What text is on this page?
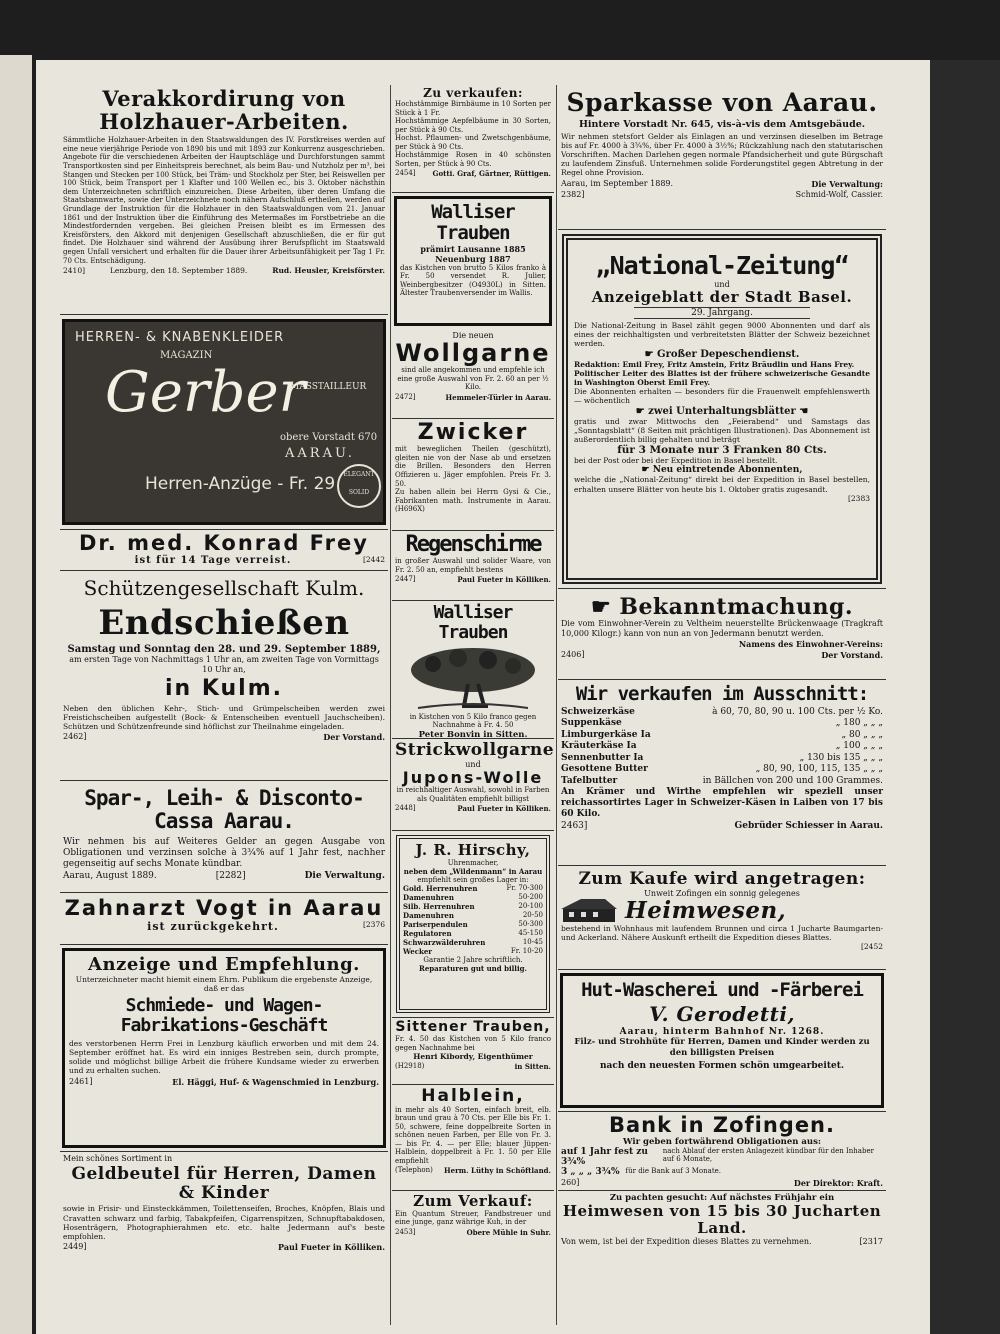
Verakkordirung von Holzhauer-Arbeiten.

Sämmtliche Holzhauer-Arbeiten in den Staatswaldungen des IV. Forstkreises werden auf eine neue vierjährige Periode von 1890 bis und mit 1893 zur Konkurrenz ausgeschrieben. Angebote für die verschiedenen Arbeiten der Hauptschläge und Durchforstungen sammt Transportkosten sind per Einheitspreis berechnet, als beim Bau- und Nutzholz per m³, bei Stangen und Stecken per 100 Stück, bei Träm- und Stockholz per Ster, bei Reiswellen per 100 Stück, beim Transport per 1 Klafter und 100 Wellen ec., bis 3. Oktober nächsthin dem Unterzeichneten schriftlich einzureichen. Diese Arbeiten, über deren Umfang die Staatsbannwarte, sowie der Unterzeichnete noch nähern Aufschluß ertheilen, werden auf Grundlage der Instruktion für die Holzhauer in den Staatswaldungen vom 21. Januar 1861 und der Instruktion über die Einführung des Metermaßes im Forstbetriebe an die Mindestfordernden vergeben. Bei gleichen Preisen bleibt es im Ermessen des Kreisförsters, den Akkord mit denjenigen Gesellschaft abzuschließen, die er für gut findet. Die Holzhauer sind während der Ausübung ihrer Berufspflicht im Staatswald gegen Unfall versichert und erhalten für die Dauer ihrer Arbeitsunfähigkeit per Tag 1 Fr. 70 Cts. Entschädigung.

2410]	Lenzburg, den 18. September 1889.	Rud. Heusler, Kreisförster.
HERREN- & KNABENKLEIDER
MAGAZIN
Gerber
MASSTAILLEUR
obere Vorstadt 670
AARAU.
Herren-Anzüge - Fr. 29	ELEGANT SOLID
Dr. med. Konrad Frey
ist für 14 Tage verreist.	[2442
Schützengesellschaft Kulm.
Endschießen
Samstag und Sonntag den 28. und 29. September 1889,
am ersten Tage von Nachmittags 1 Uhr an, am zweiten Tage von Vormittags 10 Uhr an,
in Kulm.

Neben den üblichen Kehr-, Stich- und Grümpelscheiben werden zwei Freistichscheiben aufgestellt (Bock- & Entenscheiben eventuell Jauchscheiben). Schützen und Schützenfreunde sind höflichst zur Theilnahme eingeladen.

2462]	Der Vorstand.
Spar-, Leih- & Disconto-Cassa Aarau.

Wir nehmen bis auf Weiteres Gelder an gegen Ausgabe von Obligationen und verzinsen solche à 3¾% auf 1 Jahr fest, nachher gegenseitig auf sechs Monate kündbar.

Aarau, August 1889.	[2282]	Die Verwaltung.
Zahnarzt Vogt in Aarau
ist zurückgekehrt.	[2376
Anzeige und Empfehlung.

Unterzeichneter macht hiemit einem Ehrn. Publikum die ergebenste Anzeige, daß er das

Schmiede- und Wagen-Fabrikations-Geschäft

des verstorbenen Herrn Frei in Lenzburg käuflich erworben und mit dem 24. September eröffnet hat. Es wird ein inniges Bestreben sein, durch prompte, solide und möglichst billige Arbeit die frühere Kundsame wieder zu erwerben und zu erhalten suchen.

2461]	El. Häggi, Huf- & Wagenschmied in Lenzburg.
Mein schönes Sortiment in
Geldbeutel für Herren, Damen & Kinder

sowie in Frisir- und Einsteckkämmen, Toilettenseifen, Broches, Knöpfen, Blais und Cravatten schwarz und farbig, Tabakpfeifen, Cigarrenspitzen, Schnupftabakdosen, Hosenträgern, Photographierahmen etc. etc. halte Jedermann auf's beste empfohlen.

2449]	Paul Fueter in Kölliken.
Zu verkaufen:

Hochstämmige Birnbäume in 10 Sorten per Stück à 1 Fr.

Hochstämmige Aepfelbäume in 30 Sorten, per Stück à 90 Cts.

Hochst. Pflaumen- und Zwetschgenbäume, per Stück à 90 Cts.

Hochstämmige Rosen in 40 schönsten Sorten, per Stück à 90 Cts.

2454] Gotti. Graf, Gärtner, Rüttigen.
Walliser Trauben
prämirt Lausanne 1885
Neuenburg 1887

das Kistchen von brutto 5 Kilos franko à Fr. 50 versendet R. Julier, Weinbergbesitzer (O4930L) in Sitten. Ältester Traubenversender im Wallis.

Die neuen
Wollgarne

sind alle angekommen und empfehle ich eine große Auswahl von Fr. 2. 60 an per ½ Kilo.

2472]	Hemmeler-Türler in Aarau.
Zwicker

mit beweglichen Theilen (geschützt), gleiten nie von der Nase ab und ersetzen die Brillen. Besonders den Herren Offizieren u. Jäger empfohlen. Preis Fr. 3. 50.

Zu haben allein bei Herrn Gysi & Cie., Fabrikanten math. Instrumente in Aarau. (H696X)

Regenschirme

in großer Auswahl und solider Waare, von Fr. 2. 50 an, empfiehlt bestens

2447]	Paul Fueter in Kölliken.
Walliser Trauben

in Kistchen von 5 Kilo franco gegen Nachnahme à Fr. 4. 50

Peter Bonvin in Sitten.
Strickwollgarne
und
Jupons-Wolle

in reichhaltiger Auswahl, sowohl in Farben als Qualitäten empfiehlt billigst

2448]	Paul Fueter in Kölliken.
J. R. Hirschy,
Uhrenmacher,
neben dem „Wildenmann“ in Aarau
empfiehlt sein großes Lager in:
Gold. Herrenuhren	Fr. 70-300
Damenuhren	50-200
Silb. Herrenuhren	20-100
Damenuhren	20-50
Pariserpendulen	50-300
Regulatoren	45-150
Schwarzwälderuhren	10-45
Wecker	Fr. 10-20
Garantie 2 Jahre schriftlich.
Reparaturen gut und billig.
Sittener Trauben,

Fr. 4. 50 das Kistchen von 5 Kilo franco gegen Nachnahme bei

Henri Kibordy, Eigenthümer
(H2918)	in Sitten.
Halblein,

in mehr als 40 Sorten, einfach breit, elb. braun und grau à 70 Cts. per Elle bis Fr. 1. 50, schwere, feine doppelbreite Sorten in schönen neuen Farben, per Elle von Fr. 3. — bis Fr. 4. — per Elle; blauer Jüppen-Halblein, doppelbreit à Fr. 1. 50 per Elle empfiehlt

(Telephon) Herm. Lüthy in Schöftland.
Zum Verkauf:

Ein Quantum Streuer, Fandbstreuer und eine junge, ganz währige Kuh, in der

2453]	Obere Mühle in Suhr.
Sparkasse von Aarau.
Hintere Vorstadt Nr. 645, vis-à-vis dem Amtsgebäude.

Wir nehmen stetsfort Gelder als Einlagen an und verzinsen dieselben im Betrage bis auf Fr. 4000 à 3¾%, über Fr. 4000 à 3½%; Rückzahlung nach den statutarischen Vorschriften. Machen Darlehen gegen normale Pfandsicherheit und gute Bürgschaft zu laufendem Zinsfuß. Unternehmen solide Forderungstitel gegen Abtretung in der Regel ohne Provision.

Aarau, im September 1889.	Die Verwaltung:
2382]	Schmid-Wolf, Cassier.
„National-Zeitung“
und
Anzeigeblatt der Stadt Basel.
29. Jahrgang.

Die National-Zeitung in Basel zählt gegen 9000 Abonnenten und darf als eines der reichhaltigsten und verbreitetsten Blätter der Schweiz bezeichnet werden.

☛ Großer Depeschendienst.

Redaktion: Emil Frey, Fritz Amstein, Fritz Bräudlin und Hans Frey.

Politischer Leiter des Blattes ist der frühere schweizerische Gesandte in Washington Oberst Emil Frey.

Die Abonnenten erhalten — besonders für die Frauenwelt empfehlenswerth — wöchentlich

☛ zwei Unterhaltungsblätter ☚

gratis und zwar Mittwochs den „Feierabend“ und Samstags das „Sonntagsblatt“ (8 Seiten mit prächtigen Illustrationen). Das Abonnement ist außerordentlich billig gehalten und beträgt

für 3 Monate nur 3 Franken 80 Cts.

bei der Post oder bei der Expedition in Basel bestellt.

☛ Neu eintretende Abonnenten,

welche die „National-Zeitung“ direkt bei der Expedition in Basel bestellen, erhalten unsere Blätter von heute bis 1. Oktober gratis zugesandt.

[2383
☛ Bekanntmachung.

Die vom Einwohner-Verein zu Veltheim neuerstellte Brückenwaage (Tragkraft 10,000 Kilogr.) kann von nun an von Jedermann benutzt werden.

Namens des Einwohner-Vereins:
2406]	Der Vorstand.
Wir verkaufen im Ausschnitt:
Schweizerkäse	à 60, 70, 80, 90 u. 100 Cts. per ½ Ko.
Suppenkäse	„ 180 „ „ „
Limburgerkäse Ia	„ 80 „ „ „
Kräuterkäse Ia	„ 100 „ „ „
Sennenbutter Ia	„ 130 bis 135 „ „ „
Gesottene Butter	„ 80, 90, 100, 115, 135 „ „ „
Tafelbutter	in Bällchen von 200 und 100 Grammes.

An Krämer und Wirthe empfehlen wir speziell unser reichassortirtes Lager in Schweizer-Käsen in Laiben von 17 bis 60 Kilo.

2463]	Gebrüder Schiesser in Aarau.
Zum Kaufe wird angetragen:
Unweit Zofingen ein sonnig gelegenes
Heimwesen,

bestehend in Wohnhaus mit laufendem Brunnen und circa 1 Jucharte Baumgarten- und Ackerland. Nähere Auskunft ertheilt die Expedition dieses Blattes.

[2452
Hut-Wascherei und -Färberei
V. Gerodetti,
Aarau, hinterm Bahnhof Nr. 1268.
Filz- und Strohhüte für Herren, Damen und Kinder werden zu den billigsten Preisen
nach den neuesten Formen schön umgearbeitet.
Bank in Zofingen.
Wir geben fortwährend Obligationen aus:
auf 1 Jahr fest zu 3¾%
nach Ablauf der ersten Anlagezeit kündbar für den Inhaber auf 6 Monate,
3 „ „ „ 3¾% für die Bank auf 3 Monate.
260]	Der Direktor: Kraft.
Zu pachten gesucht: Auf nächstes Frühjahr ein
Heimwesen von 15 bis 30 Jucharten Land.
Von wem, ist bei der Expedition dieses Blattes zu vernehmen.	[2317
